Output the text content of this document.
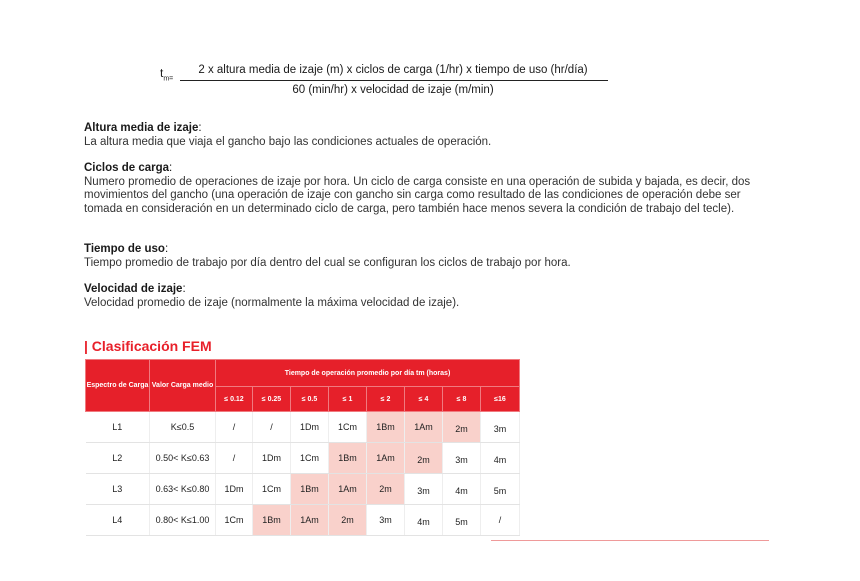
$t_{m=}$
2 x altura media de izaje (m) x ciclos de carga (1/hr) x tiempo de uso (hr/día)
60 (min/hr) x velocidad de izaje (m/min)
Altura media de izaje:
La altura media que viaja el gancho bajo las condiciones actuales de operación.
Ciclos de carga:
Numero promedio de operaciones de izaje por hora. Un ciclo de carga consiste en una operación de subida y bajada, es decir, dos movimientos del gancho (una operación de izaje con gancho sin carga como resultado de las condiciones de operación debe ser tomada en consideración en un determinado ciclo de carga, pero también hace menos severa la condición de trabajo del tecle).
Tiempo de uso:
Tiempo promedio de trabajo por día dentro del cual se configuran los ciclos de trabajo por hora.
Velocidad de izaje:
Velocidad promedio de izaje (normalmente la máxima velocidad de izaje).
| Clasificación FEM
Espectro de Carga	Valor Carga medio	Tiempo de operación promedio por día tm (horas)							
		≤ 0.12	≤ 0.25	≤ 0.5	≤ 1	≤ 2	≤ 4	≤ 8	≤16
L1	K≤0.5	/	/	1Dm	1Cm	1Bm	1Am	2m	3m
L2	0.50< K≤0.63	/	1Dm	1Cm	1Bm	1Am	2m	3m	4m
L3	0.63< K≤0.80	1Dm	1Cm	1Bm	1Am	2m	3m	4m	5m
L4	0.80< K≤1.00	1Cm	1Bm	1Am	2m	3m	4m	5m	/
